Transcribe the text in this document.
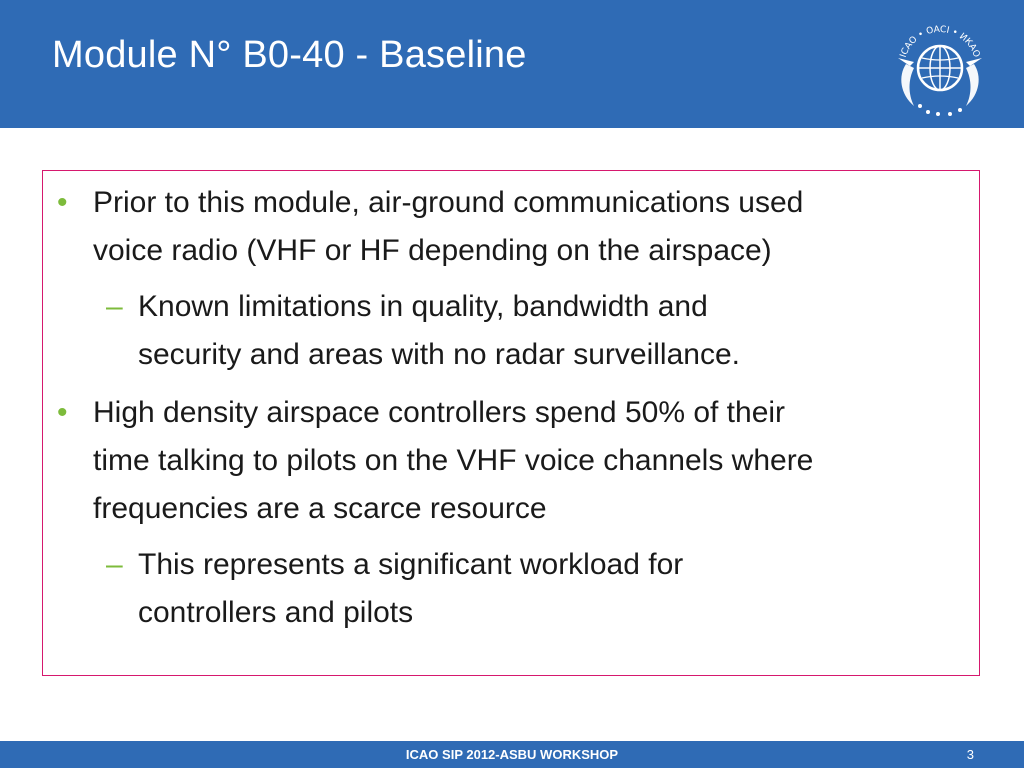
Module N° B0-40 - Baseline	ICAO • OACI • ИКАО
• Prior to this module, air-ground communications used
voice radio (VHF or HF depending on the airspace)
– Known limitations in quality, bandwidth and
security and areas with no radar surveillance.
• High density airspace controllers spend 50% of their
time talking to pilots on the VHF voice channels where
frequencies are a scarce resource
– This represents a significant workload for
controllers and pilots
ICAO SIP 2012-ASBU WORKSHOP	3
